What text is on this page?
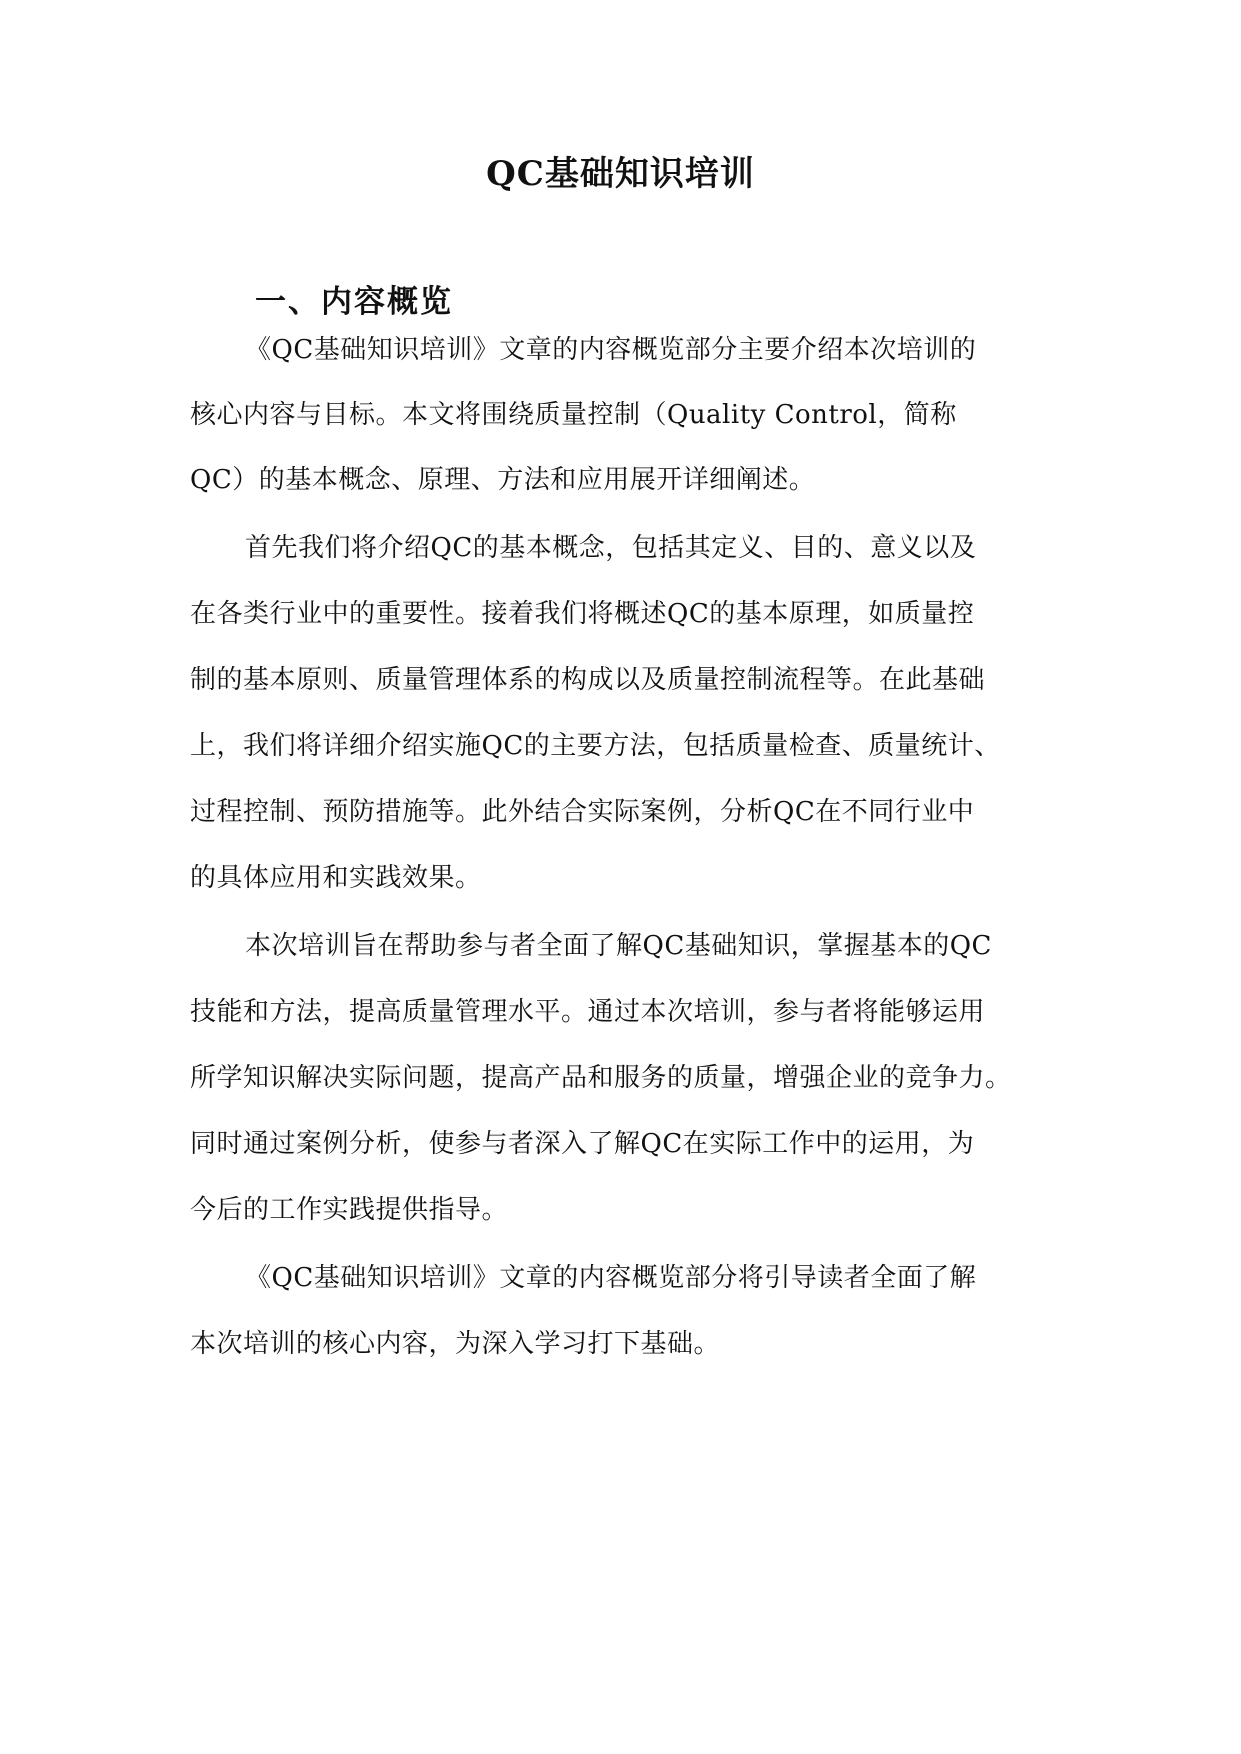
QC基础知识培训
一、内容概览
《QC基础知识培训》文章的内容概览部分主要介绍本次培训的
核心内容与目标。本文将围绕质量控制（Quality Control，简称
QC）的基本概念、原理、方法和应用展开详细阐述。
首先我们将介绍QC的基本概念，包括其定义、目的、意义以及
在各类行业中的重要性。接着我们将概述QC的基本原理，如质量控
制的基本原则、质量管理体系的构成以及质量控制流程等。在此基础
上，我们将详细介绍实施QC的主要方法，包括质量检查、质量统计、
过程控制、预防措施等。此外结合实际案例，分析QC在不同行业中
的具体应用和实践效果。
本次培训旨在帮助参与者全面了解QC基础知识，掌握基本的QC
技能和方法，提高质量管理水平。通过本次培训，参与者将能够运用
所学知识解决实际问题，提高产品和服务的质量，增强企业的竞争力。
同时通过案例分析，使参与者深入了解QC在实际工作中的运用，为
今后的工作实践提供指导。
《QC基础知识培训》文章的内容概览部分将引导读者全面了解
本次培训的核心内容，为深入学习打下基础。
